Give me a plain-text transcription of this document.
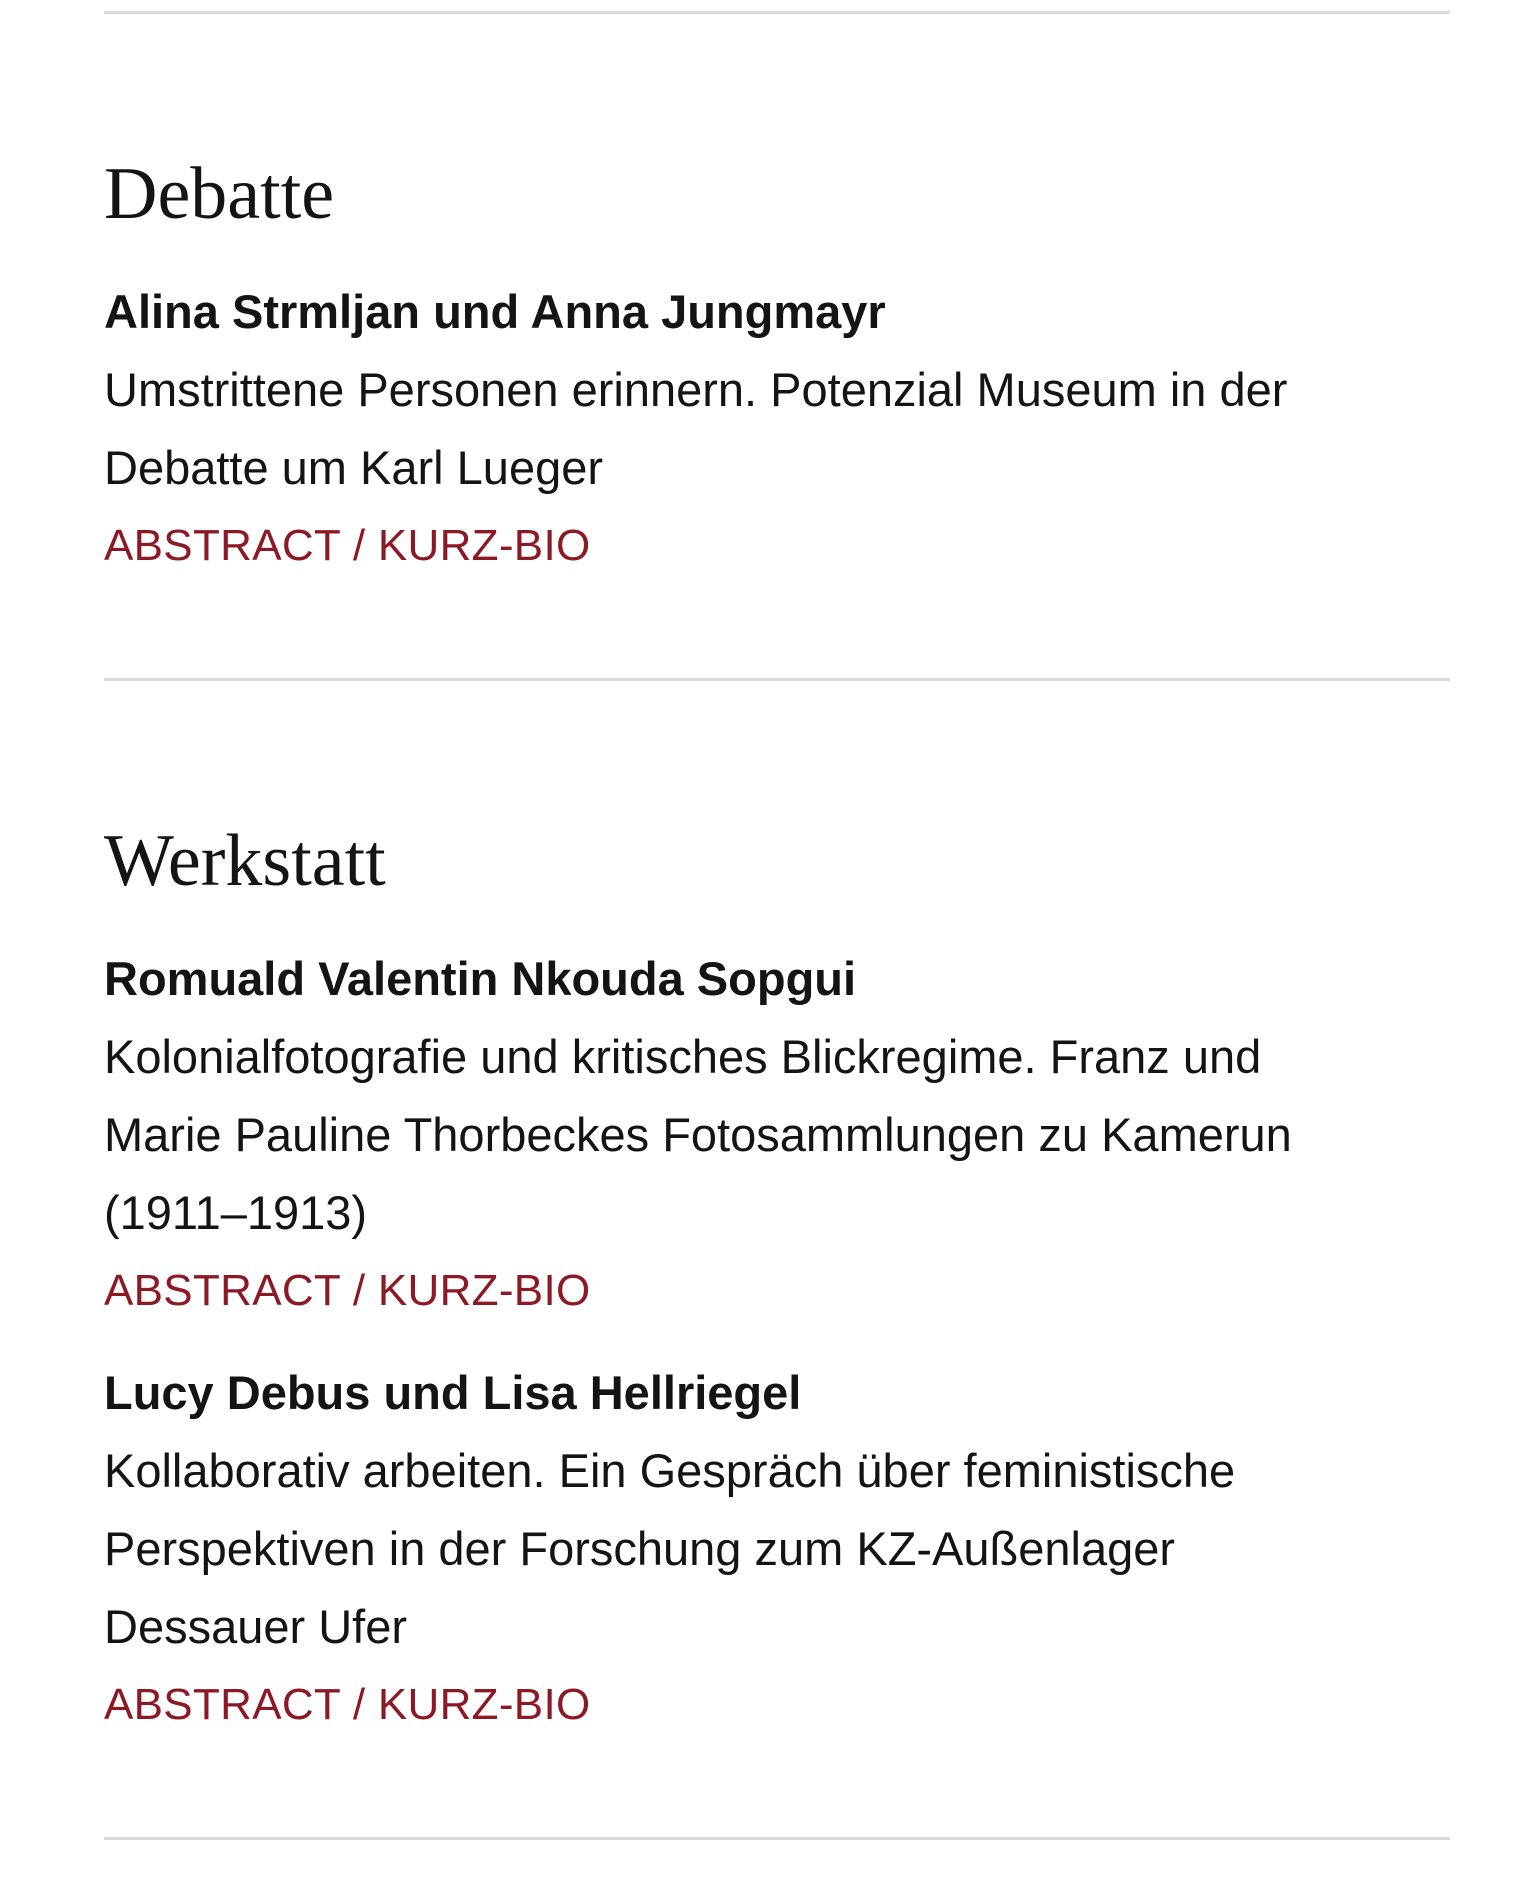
Debatte

Alina Strmljan und Anna Jungmayr

Umstrittene Personen erinnern. Potenzial Museum in der
Debatte um Karl Lueger

ABSTRACT / KURZ-BIO
Werkstatt

Romuald Valentin Nkouda Sopgui

Kolonialfotografie und kritisches Blickregime. Franz und
Marie Pauline Thorbeckes Fotosammlungen zu Kamerun
(1911–1913)

ABSTRACT / KURZ-BIO

Lucy Debus und Lisa Hellriegel

Kollaborativ arbeiten. Ein Gespräch über feministische
Perspektiven in der Forschung zum KZ-Außenlager
Dessauer Ufer

ABSTRACT / KURZ-BIO
